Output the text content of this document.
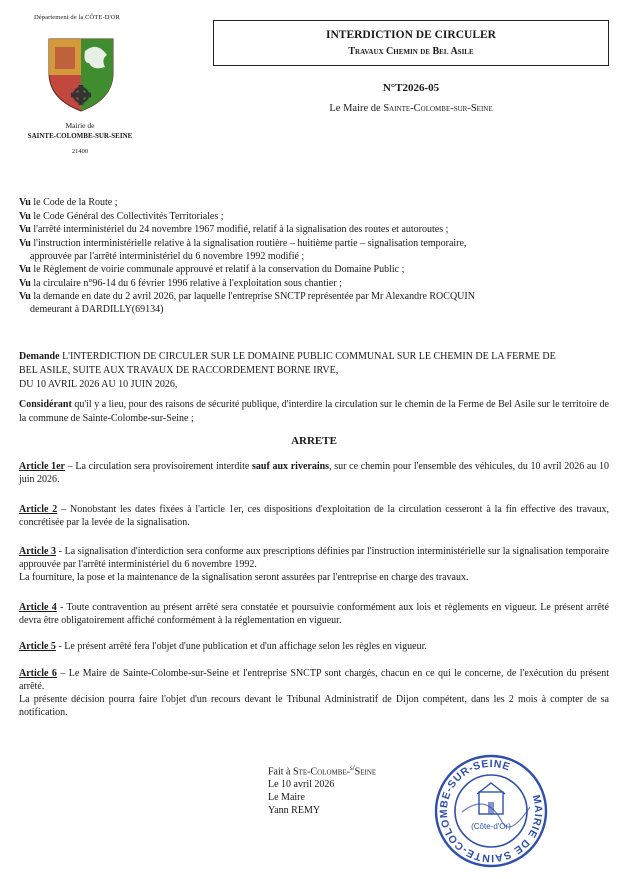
Département de la CÔTE-D'OR
Mairie de
SAINTE-COLOMBE-SUR-SEINE
21400
INTERDICTION DE CIRCULER
Travaux Chemin de Bel Asile
N°T2026-05
Le Maire de Sainte-Colombe-sur-Seine

Vu le Code de la Route ;

Vu le Code Général des Collectivités Territoriales ;

Vu l'arrêté interministériel du 24 novembre 1967 modifié, relatif à la signalisation des routes et autoroutes ;

Vu l'instruction interministérielle relative à la signalisation routière – huitième partie – signalisation temporaire,
approuvée par l'arrêté interministériel du 6 novembre 1992 modifié ;

Vu le Règlement de voirie communale approuvé et relatif à la conservation du Domaine Public ;

Vu la circulaire n°96-14 du 6 février 1996 relative à l'exploitation sous chantier ;

Vu la demande en date du 2 avril 2026, par laquelle l'entreprise SNCTP représentée par Mr Alexandre ROCQUIN
demeurant à DARDILLY(69134)

Demande L'INTERDICTION DE CIRCULER SUR LE DOMAINE PUBLIC COMMUNAL SUR LE CHEMIN DE LA FERME DE

BEL ASILE, SUITE AUX TRAVAUX DE RACCORDEMENT BORNE IRVE,

DU 10 AVRIL 2026 AU 10 JUIN 2026,

Considérant qu'il y a lieu, pour des raisons de sécurité publique, d'interdire la circulation sur le chemin de la Ferme de Bel Asile sur le territoire de la commune de Sainte-Colombe-sur-Seine ;
ARRETE

Article 1er – La circulation sera provisoirement interdite sauf aux riverains, sur ce chemin pour l'ensemble des véhicules, du 10 avril 2026 au 10 juin 2026.

Article 2 – Nonobstant les dates fixées à l'article 1er, ces dispositions d'exploitation de la circulation cesseront à la fin effective des travaux, concrétisée par la levée de la signalisation.

Article 3 - La signalisation d'interdiction sera conforme aux prescriptions définies par l'instruction interministérielle sur la signalisation temporaire approuvée par l'arrêté interministériel du 6 novembre 1992.

La fourniture, la pose et la maintenance de la signalisation seront assurées par l'entreprise en charge des travaux.

Article 4 - Toute contravention au présent arrêté sera constatée et poursuivie conformément aux lois et règlements en vigueur. Le présent arrêté devra être obligatoirement affiché conformément à la réglementation en vigueur.

Article 5 - Le présent arrêté fera l'objet d'une publication et d'un affichage selon les règles en vigueur.

Article 6 – Le Maire de Sainte-Colombe-sur-Seine et l'entreprise SNCTP sont chargés, chacun en ce qui le concerne, de l'exécution du présent arrêté.

La présente décision pourra faire l'objet d'un recours devant le Tribunal Administratif de Dijon compétent, dans les 2 mois à compter de sa notification.

Fait à Ste-Colombe-$^{s/}$Seine
Le 10 avril 2026
Le Maire
Yann REMY
MAIRIE DE SAINTE-COLOMBE-SUR-SEINE
(Côte-d'Or)
